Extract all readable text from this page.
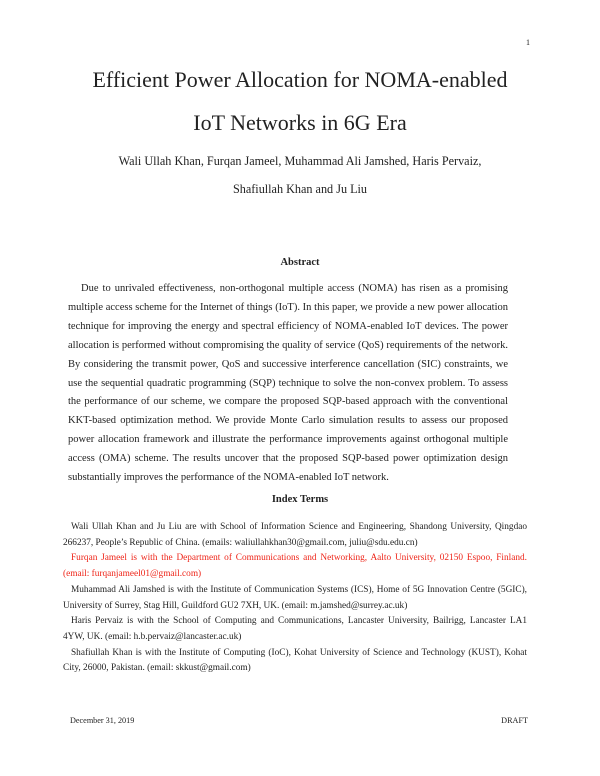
1
Efficient Power Allocation for NOMA-enabled
IoT Networks in 6G Era
Wali Ullah Khan, Furqan Jameel, Muhammad Ali Jamshed, Haris Pervaiz,
Shafiullah Khan and Ju Liu
Abstract

Due to unrivaled effectiveness, non-orthogonal multiple access (NOMA) has risen as a promising multiple access scheme for the Internet of things (IoT). In this paper, we provide a new power allocation technique for improving the energy and spectral efficiency of NOMA-enabled IoT devices. The power allocation is performed without compromising the quality of service (QoS) requirements of the network. By considering the transmit power, QoS and successive interference cancellation (SIC) constraints, we use the sequential quadratic programming (SQP) technique to solve the non-convex problem. To assess the performance of our scheme, we compare the proposed SQP-based approach with the conventional KKT-based optimization method. We provide Monte Carlo simulation results to assess our proposed power allocation framework and illustrate the performance improvements against orthogonal multiple access (OMA) scheme. The results uncover that the proposed SQP-based power optimization design substantially improves the performance of the NOMA-enabled IoT network.

Index Terms

Wali Ullah Khan and Ju Liu are with School of Information Science and Engineering, Shandong University, Qingdao 266237, People’s Republic of China. (emails: waliullahkhan30@gmail.com, juliu@sdu.edu.cn)

Furqan Jameel is with the Department of Communications and Networking, Aalto University, 02150 Espoo, Finland. (email: furqanjameel01@gmail.com)

Muhammad Ali Jamshed is with the Institute of Communication Systems (ICS), Home of 5G Innovation Centre (5GIC), University of Surrey, Stag Hill, Guildford GU2 7XH, UK. (email: m.jamshed@surrey.ac.uk)

Haris Pervaiz is with the School of Computing and Communications, Lancaster University, Bailrigg, Lancaster LA1 4YW, UK. (email: h.b.pervaiz@lancaster.ac.uk)

Shafiullah Khan is with the Institute of Computing (IoC), Kohat University of Science and Technology (KUST), Kohat City, 26000, Pakistan. (email: skkust@gmail.com)

December 31, 2019	DRAFT
